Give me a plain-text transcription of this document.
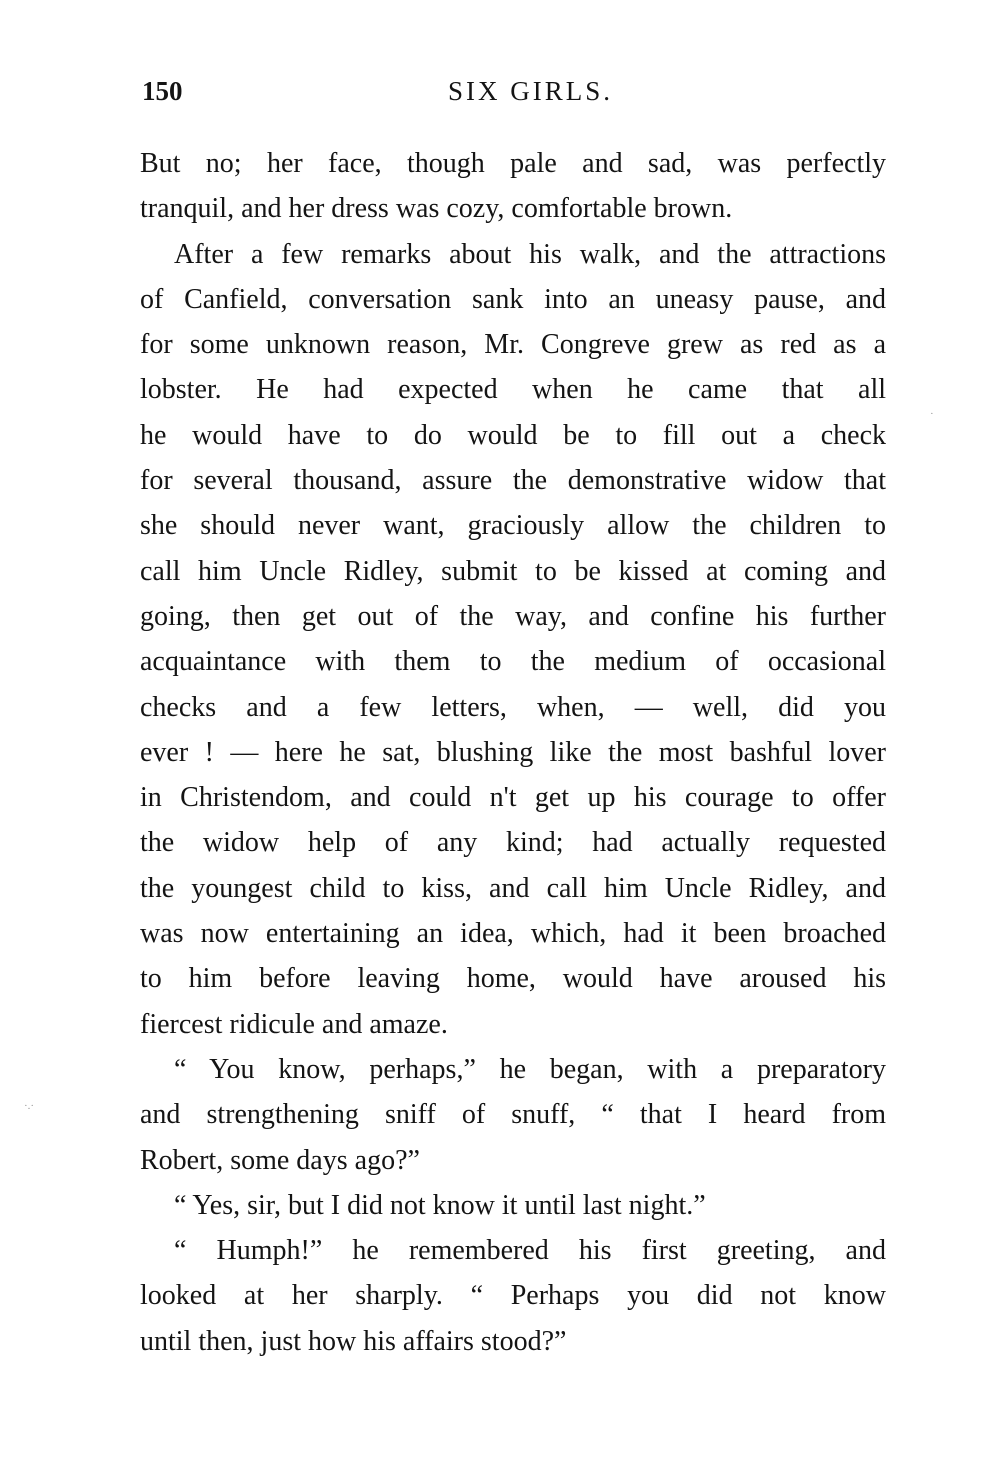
150	SIX GIRLS.
But no; her face, though pale and sad, was perfectly
tranquil, and her dress was cozy, comfortable brown.
After a few remarks about his walk, and the attractions
of Canfield, conversation sank into an uneasy pause, and
for some unknown reason, Mr. Congreve grew as red as a
lobster. He had expected when he came that all
he would have to do would be to fill out a check
for several thousand, assure the demonstrative widow that
she should never want, graciously allow the children to
call him Uncle Ridley, submit to be kissed at coming and
going, then get out of the way, and confine his further
acquaintance with them to the medium of occasional
checks and a few letters, when, — well, did you
ever ! — here he sat, blushing like the most bashful lover
in Christendom, and could n't get up his courage to offer
the widow help of any kind; had actually requested
the youngest child to kiss, and call him Uncle Ridley, and
was now entertaining an idea, which, had it been broached
to him before leaving home, would have aroused his
fiercest ridicule and amaze.
“ You know, perhaps,” he began, with a preparatory
and strengthening sniff of snuff, “ that I heard from
Robert, some days ago?”
“ Yes, sir, but I did not know it until last night.”
“ Humph!” he remembered his first greeting, and
looked at her sharply. “ Perhaps you did not know
until then, just how his affairs stood?”
·.·
·
